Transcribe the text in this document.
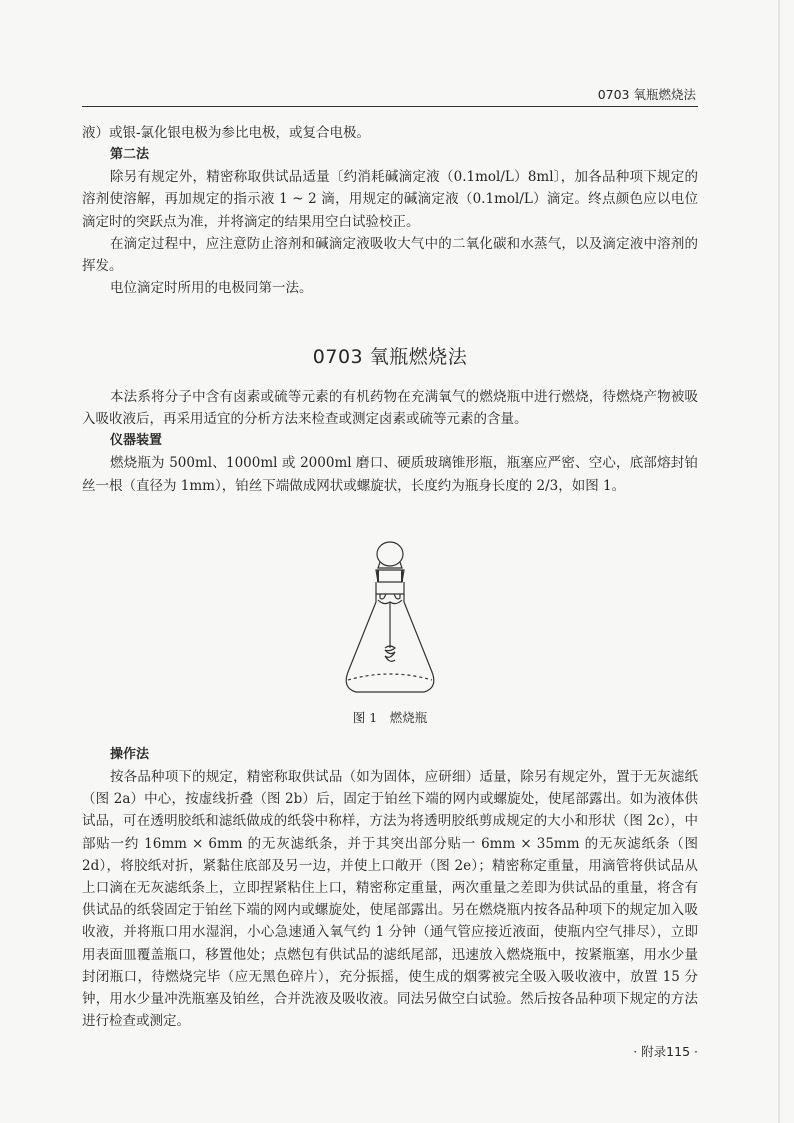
0703 氧瓶燃烧法

液）或银-氯化银电极为参比电极，或复合电极。

第二法

除另有规定外，精密称取供试品适量〔约消耗碱滴定液（0.1mol/L）8ml〕，加各品种项下规定的溶剂使溶解，再加规定的指示液 1 ~ 2 滴，用规定的碱滴定液（0.1mol/L）滴定。终点颜色应以电位滴定时的突跃点为准，并将滴定的结果用空白试验校正。

在滴定过程中，应注意防止溶剂和碱滴定液吸收大气中的二氧化碳和水蒸气，以及滴定液中溶剂的挥发。

电位滴定时所用的电极同第一法。

0703 氧瓶燃烧法

本法系将分子中含有卤素或硫等元素的有机药物在充满氧气的燃烧瓶中进行燃烧，待燃烧产物被吸入吸收液后，再采用适宜的分析方法来检查或测定卤素或硫等元素的含量。

仪器装置

燃烧瓶为 500ml、1000ml 或 2000ml 磨口、硬质玻璃锥形瓶，瓶塞应严密、空心，底部熔封铂丝一根（直径为 1mm），铂丝下端做成网状或螺旋状，长度约为瓶身长度的 2/3，如图 1。

图 1　燃烧瓶
操作法

按各品种项下的规定，精密称取供试品（如为固体，应研细）适量，除另有规定外，置于无灰滤纸（图 2a）中心，按虚线折叠（图 2b）后，固定于铂丝下端的网内或螺旋处，使尾部露出。如为液体供试品，可在透明胶纸和滤纸做成的纸袋中称样，方法为将透明胶纸剪成规定的大小和形状（图 2c），中部贴一约 16mm × 6mm 的无灰滤纸条，并于其突出部分贴一 6mm × 35mm 的无灰滤纸条（图 2d），将胶纸对折，紧黏住底部及另一边，并使上口敞开（图 2e）；精密称定重量，用滴管将供试品从上口滴在无灰滤纸条上，立即捏紧粘住上口，精密称定重量，两次重量之差即为供试品的重量，将含有供试品的纸袋固定于铂丝下端的网内或螺旋处，使尾部露出。另在燃烧瓶内按各品种项下的规定加入吸收液，并将瓶口用水湿润，小心急速通入氧气约 1 分钟（通气管应接近液面，使瓶内空气排尽），立即用表面皿覆盖瓶口，移置他处；点燃包有供试品的滤纸尾部，迅速放入燃烧瓶中，按紧瓶塞，用水少量封闭瓶口，待燃烧完毕（应无黑色碎片），充分振摇，使生成的烟雾被完全吸入吸收液中，放置 15 分钟，用水少量冲洗瓶塞及铂丝，合并洗液及吸收液。同法另做空白试验。然后按各品种项下规定的方法进行检查或测定。

· 附录115 ·
